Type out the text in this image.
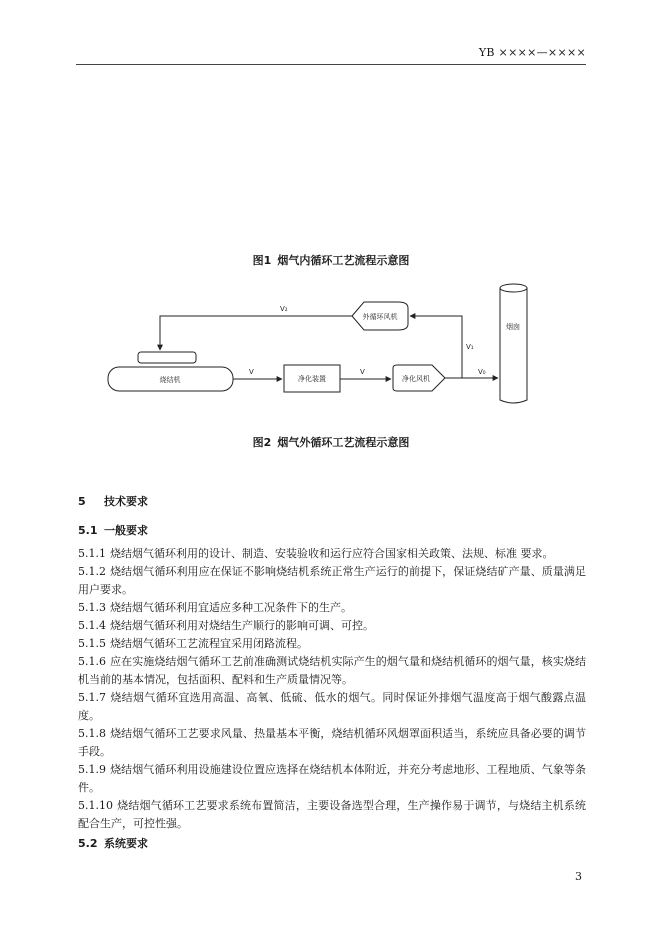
YB ××××—××××
图1 烟气内循环工艺流程示意图
烧结机	净化装置	净化风机
外循环风机
烟囱
V	V	V₀
V₁
V₂
图2 烟气外循环工艺流程示意图
5 技术要求
5.1 一般要求

5.1.1 烧结烟气循环利用的设计、制造、安装验收和运行应符合国家相关政策、法规、标准 要求。

5.1.2 烧结烟气循环利用应在保证不影响烧结机系统正常生产运行的前提下，保证烧结矿产量、质量满足用户要求。

5.1.3 烧结烟气循环利用宜适应多种工况条件下的生产。

5.1.4 烧结烟气循环利用对烧结生产顺行的影响可调、可控。

5.1.5 烧结烟气循环工艺流程宜采用闭路流程。

5.1.6 应在实施烧结烟气循环工艺前准确测试烧结机实际产生的烟气量和烧结机循环的烟气量，核实烧结机当前的基本情况，包括面积、配料和生产质量情况等。

5.1.7 烧结烟气循环宜选用高温、高氧、低硫、低水的烟气。同时保证外排烟气温度高于烟气酸露点温度。

5.1.8 烧结烟气循环工艺要求风量、热量基本平衡，烧结机循环风烟罩面积适当，系统应具备必要的调节手段。

5.1.9 烧结烟气循环利用设施建设位置应选择在烧结机本体附近，并充分考虑地形、工程地质、气象等条件。

5.1.10 烧结烟气循环工艺要求系统布置简洁，主要设备选型合理，生产操作易于调节，与烧结主机系统配合生产，可控性强。

5.2 系统要求
3
